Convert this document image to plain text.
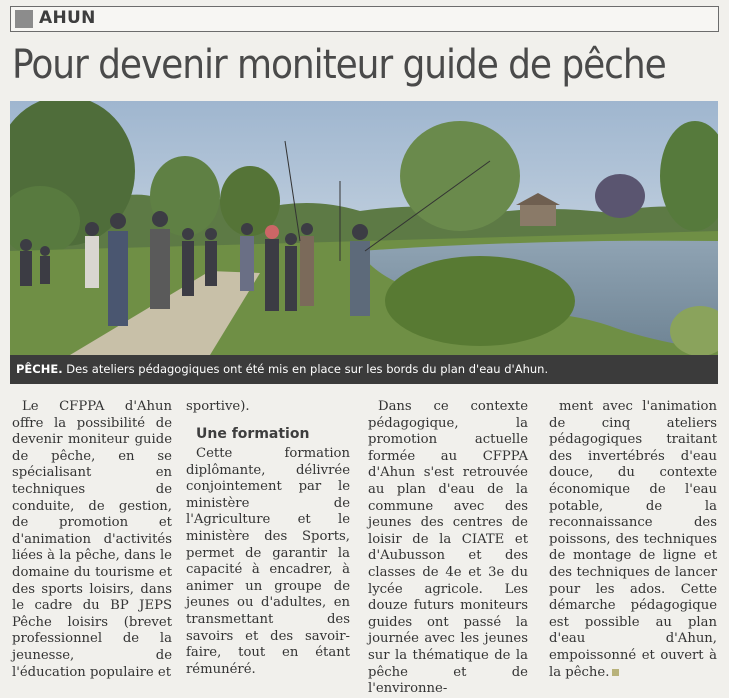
AHUN
Pour devenir moniteur guide de pêche
PÊCHE. Des ateliers pédagogiques ont été mis en place sur les bords du plan d'eau d'Ahun.
Le CFPPA d'Ahun offre la possibilité de devenir moniteur guide de pêche, en se spécialisant en techniques de conduite, de gestion, de promotion et d'animation d'activités liées à la pêche, dans le domaine du tourisme et des sports loisirs, dans le cadre du BP JEPS Pêche loisirs (brevet professionnel de la jeunesse, de l'éducation populaire et
sportive).
Une formation
Cette formation diplômante, délivrée conjointement par le ministère de l'Agriculture et le ministère des Sports, permet de garantir la capacité à encadrer, à animer un groupe de jeunes ou d'adultes, en transmettant des savoirs et des savoir-faire, tout en étant rémunéré.
Dans ce contexte pédagogique, la promotion actuelle formée au CFPPA d'Ahun s'est retrouvée au plan d'eau de la commune avec des jeunes des centres de loisir de la CIATE et d'Aubusson et des classes de 4e et 3e du lycée agricole. Les douze futurs moniteurs guides ont passé la journée avec les jeunes sur la thématique de la pêche et de l'environne-
ment avec l'animation de cinq ateliers pédagogiques traitant des invertébrés d'eau douce, du contexte économique de l'eau potable, de la reconnaissance des poissons, des techniques de montage de ligne et des techniques de lancer pour les ados. Cette démarche pédagogique est possible au plan d'eau d'Ahun, empoissonné et ouvert à la pêche.
